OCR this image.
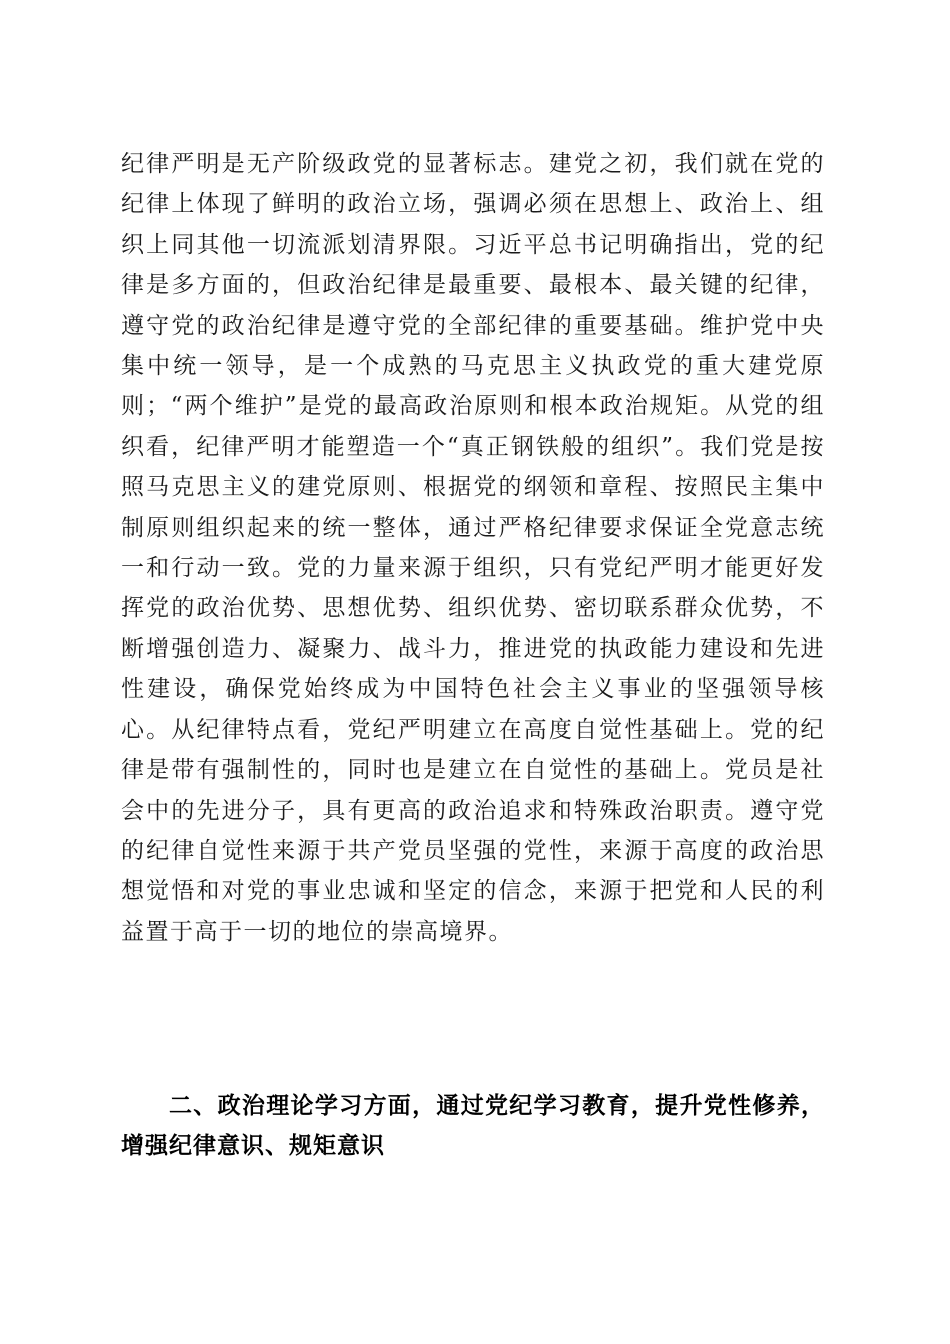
纪律严明是无产阶级政党的显著标志。建党之初，我们就在党的纪律上体现了鲜明的政治立场，强调必须在思想上、政治上、组织上同其他一切流派划清界限。习近平总书记明确指出，党的纪律是多方面的，但政治纪律是最重要、最根本、最关键的纪律，遵守党的政治纪律是遵守党的全部纪律的重要基础。维护党中央集中统一领导，是一个成熟的马克思主义执政党的重大建党原则；“两个维护”是党的最高政治原则和根本政治规矩。从党的组织看，纪律严明才能塑造一个“真正钢铁般的组织”。我们党是按照马克思主义的建党原则、根据党的纲领和章程、按照民主集中制原则组织起来的统一整体，通过严格纪律要求保证全党意志统一和行动一致。党的力量来源于组织，只有党纪严明才能更好发挥党的政治优势、思想优势、组织优势、密切联系群众优势，不断增强创造力、凝聚力、战斗力，推进党的执政能力建设和先进性建设，确保党始终成为中国特色社会主义事业的坚强领导核心。从纪律特点看，党纪严明建立在高度自觉性基础上。党的纪律是带有强制性的，同时也是建立在自觉性的基础上。党员是社会中的先进分子，具有更高的政治追求和特殊政治职责。遵守党的纪律自觉性来源于共产党员坚强的党性，来源于高度的政治思想觉悟和对党的事业忠诚和坚定的信念，来源于把党和人民的利益置于高于一切的地位的崇高境界。

二、政治理论学习方面，通过党纪学习教育，提升党性修养，增强纪律意识、规矩意识
